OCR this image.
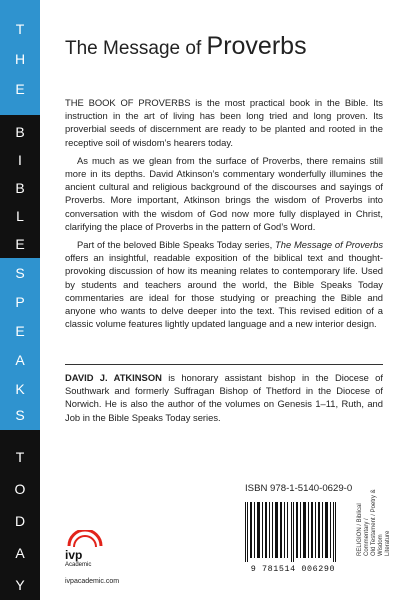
T
H
E
B
I
B
L
E
S
P
E
A
K
S
T
O
D
A
Y
The Message of Proverbs

THE BOOK OF PROVERBS is the most practical book in the Bible. Its instruction in the art of living has been long tried and long proven. Its proverbial seeds of discernment are ready to be planted and rooted in the receptive soil of wisdom’s hearers today.

As much as we glean from the surface of Proverbs, there remains still more in its depths. David Atkinson’s commentary wonderfully illumines the ancient cultural and religious background of the discourses and sayings of Proverbs. More important, Atkinson brings the wisdom of Proverbs into conversation with the wisdom of God now more fully displayed in Christ, clarifying the place of Proverbs in the pattern of God’s Word.

Part of the beloved Bible Speaks Today series, The Message of Proverbs offers an insightful, readable exposition of the biblical text and thought-provoking discussion of how its meaning relates to contemporary life. Used by students and teachers around the world, the Bible Speaks Today commentaries are ideal for those studying or preaching the Bible and anyone who wants to delve deeper into the text. This revised edition of a classic volume features lightly updated language and a new interior design.

DAVID J. ATKINSON is honorary assistant bishop in the Diocese of Southwark and formerly Suffragan Bishop of Thetford in the Diocese of Norwich. He is also the author of the volumes on Genesis 1–11, Ruth, and Job in the Bible Speaks Today series.
RELIGION / Biblical Commentary / Old Testament / Poetry & Wisdom Literature
ISBN 978-1-5140-0629-0
9 781514 006290
ivp
Academic
ivpacademic.com
